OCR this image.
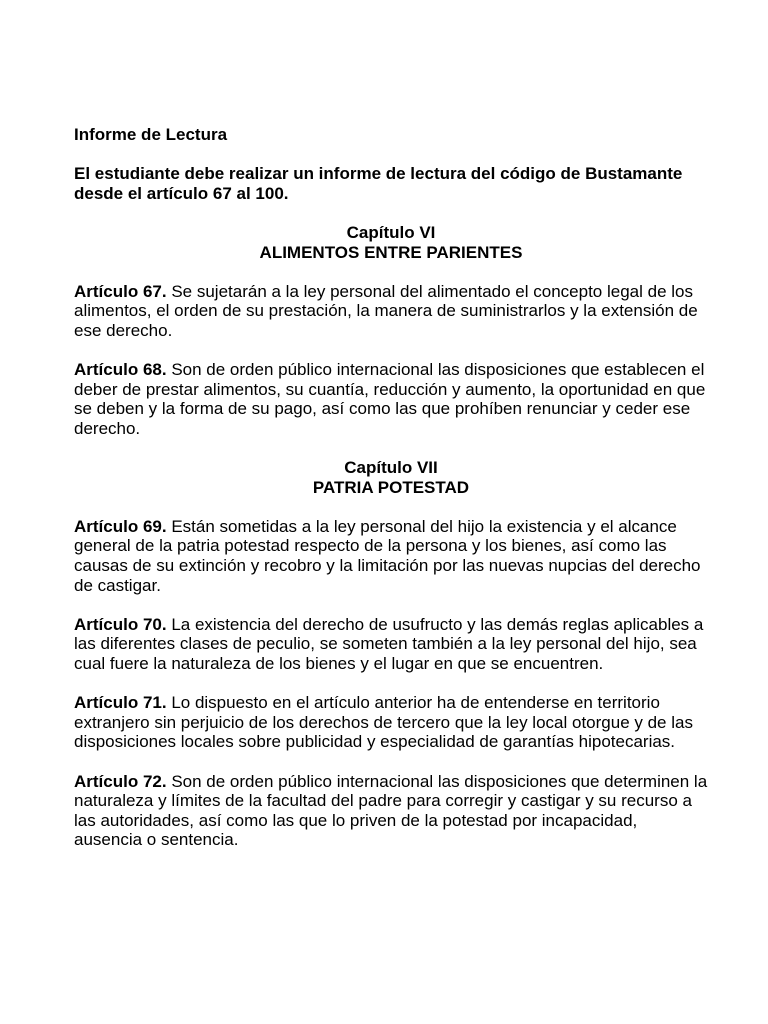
Informe de Lectura

El estudiante debe realizar un informe de lectura del código de Bustamante desde el artículo 67 al 100.

Capítulo VI
ALIMENTOS ENTRE PARIENTES

Artículo 67. Se sujetarán a la ley personal del alimentado el concepto legal de los alimentos, el orden de su prestación, la manera de suministrarlos y la extensión de ese derecho.

Artículo 68. Son de orden público internacional las disposiciones que establecen el deber de prestar alimentos, su cuantía, reducción y aumento, la oportunidad en que se deben y la forma de su pago, así como las que prohíben renunciar y ceder ese derecho.

Capítulo VII
PATRIA POTESTAD

Artículo 69. Están sometidas a la ley personal del hijo la existencia y el alcance general de la patria potestad respecto de la persona y los bienes, así como las causas de su extinción y recobro y la limitación por las nuevas nupcias del derecho de castigar.

Artículo 70. La existencia del derecho de usufructo y las demás reglas aplicables a las diferentes clases de peculio, se someten también a la ley personal del hijo, sea cual fuere la naturaleza de los bienes y el lugar en que se encuentren.

Artículo 71. Lo dispuesto en el artículo anterior ha de entenderse en territorio extranjero sin perjuicio de los derechos de tercero que la ley local otorgue y de las disposiciones locales sobre publicidad y especialidad de garantías hipotecarias.

Artículo 72. Son de orden público internacional las disposiciones que determinen la naturaleza y límites de la facultad del padre para corregir y castigar y su recurso a las autoridades, así como las que lo priven de la potestad por incapacidad, ausencia o sentencia.
